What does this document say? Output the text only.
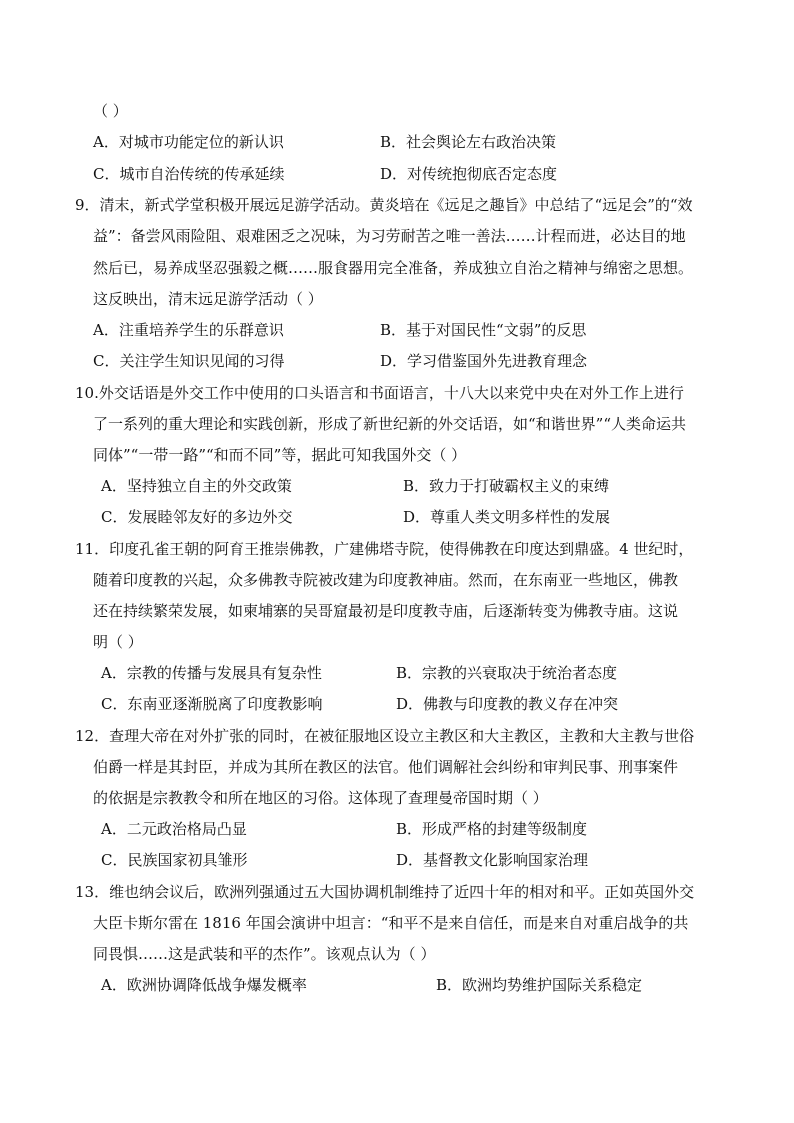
（ ）
A．对城市功能定位的新认识	B．社会舆论左右政治决策
C．城市自治传统的传承延续	D．对传统抱彻底否定态度
9．清末，新式学堂积极开展远足游学活动。黄炎培在《远足之趣旨》中总结了“远足会”的“效
益”：备尝风雨险阻、艰难困乏之况味，为习劳耐苦之唯一善法……计程而进，必达目的地
然后已，易养成坚忍强毅之概……服食器用完全准备，养成独立自治之精神与绵密之思想。
这反映出，清末远足游学活动（ ）
A．注重培养学生的乐群意识	B．基于对国民性“文弱”的反思
C．关注学生知识见闻的习得	D．学习借鉴国外先进教育理念
10.外交话语是外交工作中使用的口头语言和书面语言，十八大以来党中央在对外工作上进行
了一系列的重大理论和实践创新，形成了新世纪新的外交话语，如“和谐世界”“人类命运共
同体”“一带一路”“和而不同”等，据此可知我国外交（ ）
A．坚持独立自主的外交政策	B．致力于打破霸权主义的束缚
C．发展睦邻友好的多边外交	D．尊重人类文明多样性的发展
11．印度孔雀王朝的阿育王推崇佛教，广建佛塔寺院，使得佛教在印度达到鼎盛。4 世纪时，
随着印度教的兴起，众多佛教寺院被改建为印度教神庙。然而，在东南亚一些地区，佛教
还在持续繁荣发展，如柬埔寨的吴哥窟最初是印度教寺庙，后逐渐转变为佛教寺庙。这说
明（ ）
A．宗教的传播与发展具有复杂性	B．宗教的兴衰取决于统治者态度
C．东南亚逐渐脱离了印度教影响	D．佛教与印度教的教义存在冲突
12．查理大帝在对外扩张的同时，在被征服地区设立主教区和大主教区，主教和大主教与世俗
伯爵一样是其封臣，并成为其所在教区的法官。他们调解社会纠纷和审判民事、刑事案件
的依据是宗教教令和所在地区的习俗。这体现了查理曼帝国时期（ ）
A．二元政治格局凸显	B．形成严格的封建等级制度
C．民族国家初具雏形	D．基督教文化影响国家治理
13．维也纳会议后，欧洲列强通过五大国协调机制维持了近四十年的相对和平。正如英国外交
大臣卡斯尔雷在 1816 年国会演讲中坦言：“和平不是来自信任，而是来自对重启战争的共
同畏惧……这是武装和平的杰作”。该观点认为（ ）
A．欧洲协调降低战争爆发概率	B．欧洲均势维护国际关系稳定
